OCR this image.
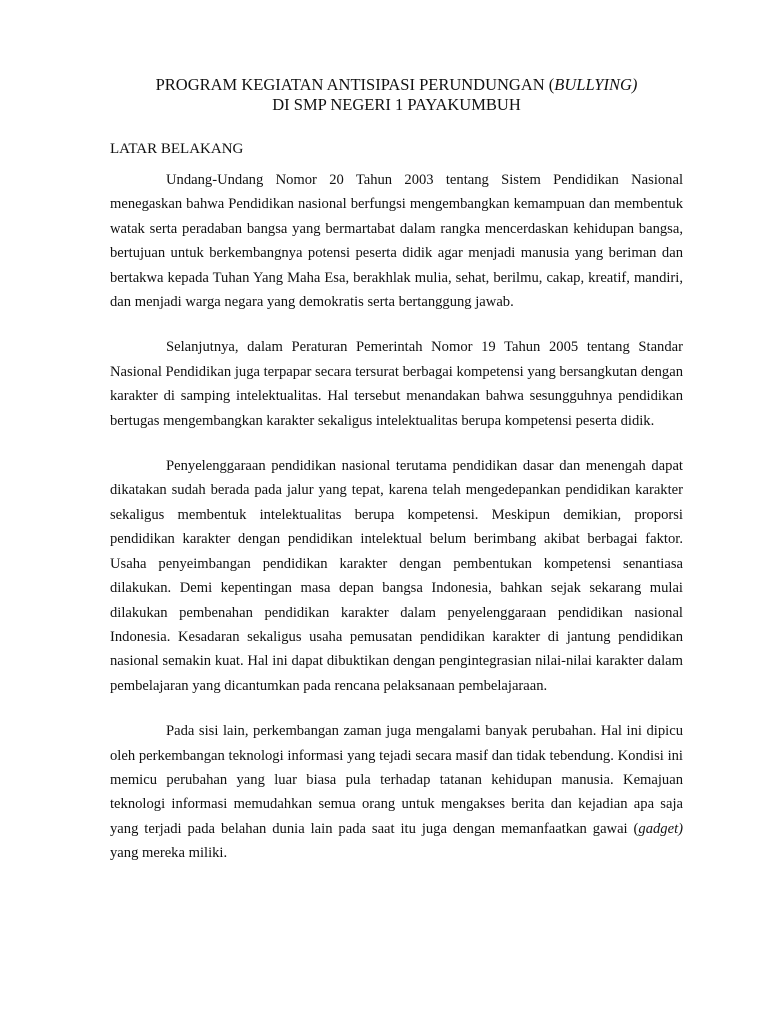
PROGRAM KEGIATAN ANTISIPASI PERUNDUNGAN (BULLYING)
DI SMP NEGERI 1 PAYAKUMBUH
LATAR BELAKANG

Undang-Undang Nomor 20 Tahun 2003 tentang Sistem Pendidikan Nasional menegaskan bahwa Pendidikan nasional berfungsi mengembangkan kemampuan dan membentuk watak serta peradaban bangsa yang bermartabat dalam rangka mencerdaskan kehidupan bangsa, bertujuan untuk berkembangnya potensi peserta didik agar menjadi manusia yang beriman dan bertakwa kepada Tuhan Yang Maha Esa, berakhlak mulia, sehat, berilmu, cakap, kreatif, mandiri, dan menjadi warga negara yang demokratis serta bertanggung jawab.

Selanjutnya, dalam Peraturan Pemerintah Nomor 19 Tahun 2005 tentang Standar Nasional Pendidikan juga terpapar secara tersurat berbagai kompetensi yang bersangkutan dengan karakter di samping intelektualitas. Hal tersebut menandakan bahwa sesungguhnya pendidikan bertugas mengembangkan karakter sekaligus intelektualitas berupa kompetensi peserta didik.

Penyelenggaraan pendidikan nasional terutama pendidikan dasar dan menengah dapat dikatakan sudah berada pada jalur yang tepat, karena telah mengedepankan pendidikan karakter sekaligus membentuk intelektualitas berupa kompetensi. Meskipun demikian, proporsi pendidikan karakter dengan pendidikan intelektual belum berimbang akibat berbagai faktor. Usaha penyeimbangan pendidikan karakter dengan pembentukan kompetensi senantiasa dilakukan. Demi kepentingan masa depan bangsa Indonesia, bahkan sejak sekarang mulai dilakukan pembenahan pendidikan karakter dalam penyelenggaraan pendidikan nasional Indonesia. Kesadaran sekaligus usaha pemusatan pendidikan karakter di jantung pendidikan nasional semakin kuat. Hal ini dapat dibuktikan dengan pengintegrasian nilai-nilai karakter dalam pembelajaran yang dicantumkan pada rencana pelaksanaan pembelajaraan.

Pada sisi lain, perkembangan zaman juga mengalami banyak perubahan. Hal ini dipicu oleh perkembangan teknologi informasi yang tejadi secara masif dan tidak tebendung. Kondisi ini memicu perubahan yang luar biasa pula terhadap tatanan kehidupan manusia. Kemajuan teknologi informasi memudahkan semua orang untuk mengakses berita dan kejadian apa saja yang terjadi pada belahan dunia lain pada saat itu juga dengan memanfaatkan gawai (gadget) yang mereka miliki.
